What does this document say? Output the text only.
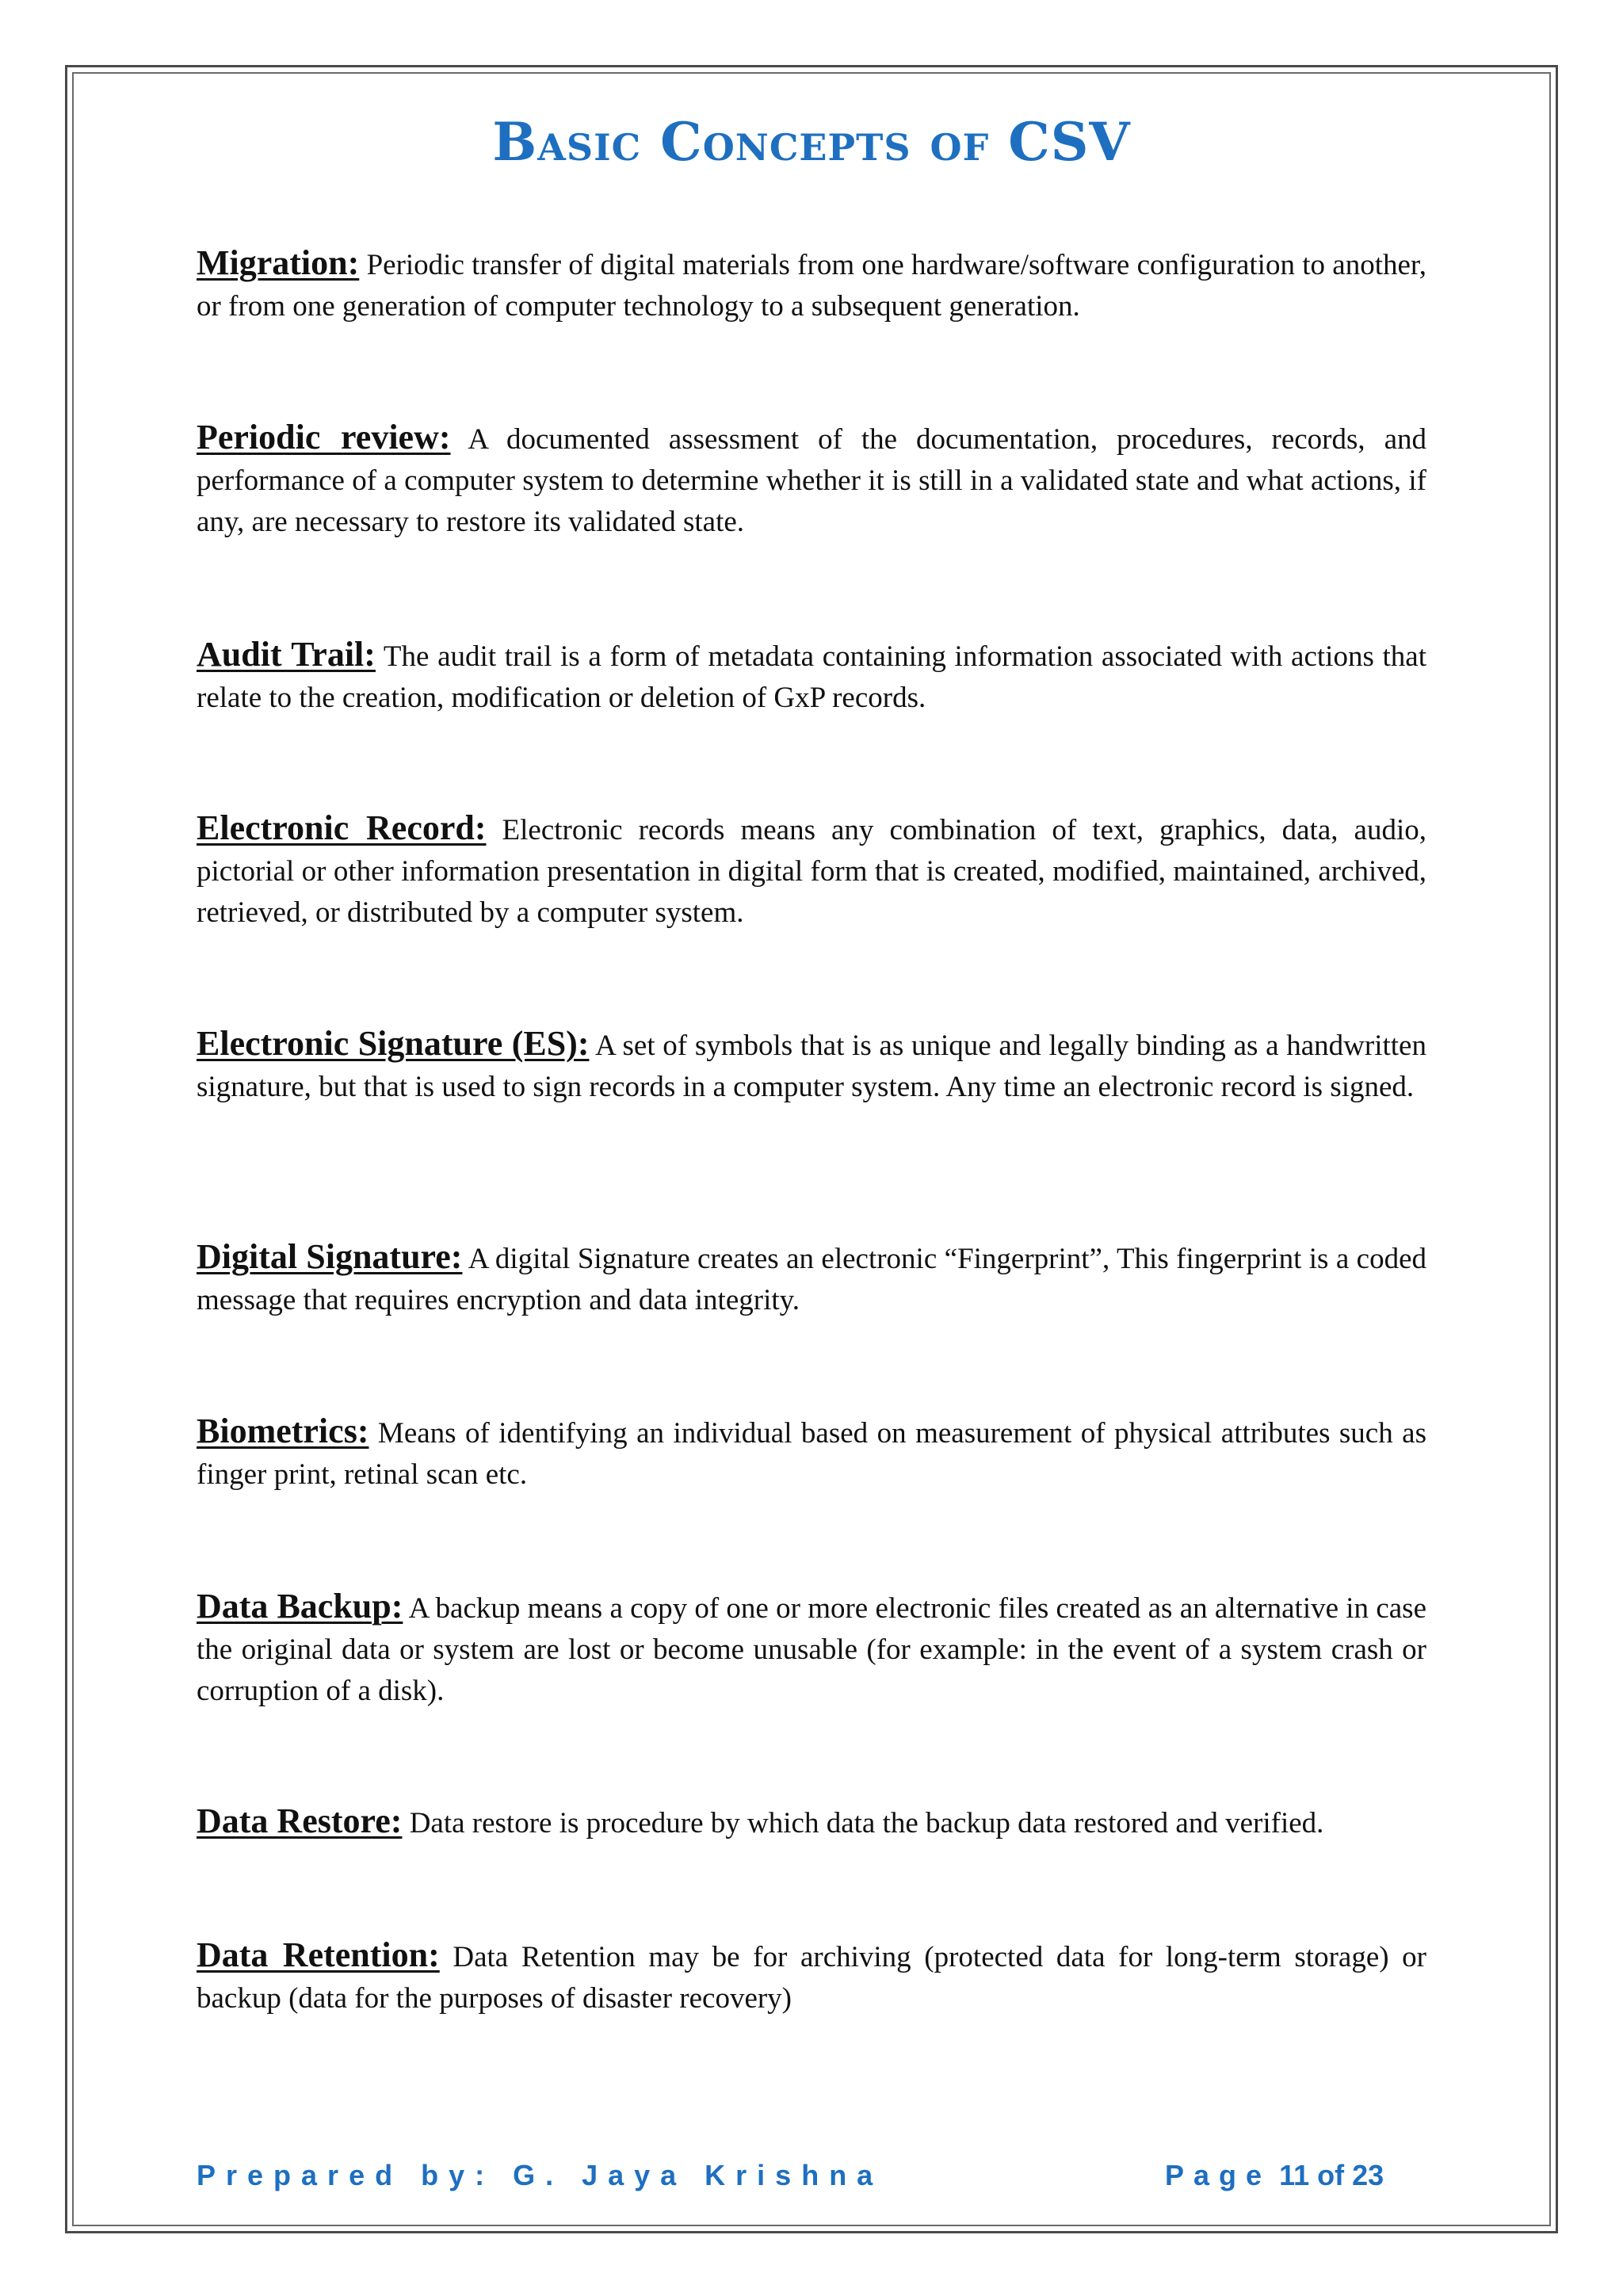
Basic Concepts of CSV

Migration: Periodic transfer of digital materials from one hardware/software configuration to another, or from one generation of computer technology to a subsequent generation.

Periodic review: A documented assessment of the documentation, procedures, records, and performance of a computer system to determine whether it is still in a validated state and what actions, if any, are necessary to restore its validated state.

Audit Trail: The audit trail is a form of metadata containing information associated with actions that relate to the creation, modification or deletion of GxP records.

Electronic Record: Electronic records means any combination of text, graphics, data, audio, pictorial or other information presentation in digital form that is created, modified, maintained, archived, retrieved, or distributed by a computer system.

Electronic Signature (ES): A set of symbols that is as unique and legally binding as a handwritten signature, but that is used to sign records in a computer system. Any time an electronic record is signed.

Digital Signature: A digital Signature creates an electronic “Fingerprint”, This fingerprint is a coded message that requires encryption and data integrity.

Biometrics: Means of identifying an individual based on measurement of physical attributes such as finger print, retinal scan etc.

Data Backup: A backup means a copy of one or more electronic files created as an alternative in case the original data or system are lost or become unusable (for example: in the event of a system crash or corruption of a disk).

Data Restore: Data restore is procedure by which data the backup data restored and verified.

Data Retention: Data Retention may be for archiving (protected data for long-term storage) or backup (data for the purposes of disaster recovery)

Prepared by: G. Jaya Krishna	Page 11 of 23
